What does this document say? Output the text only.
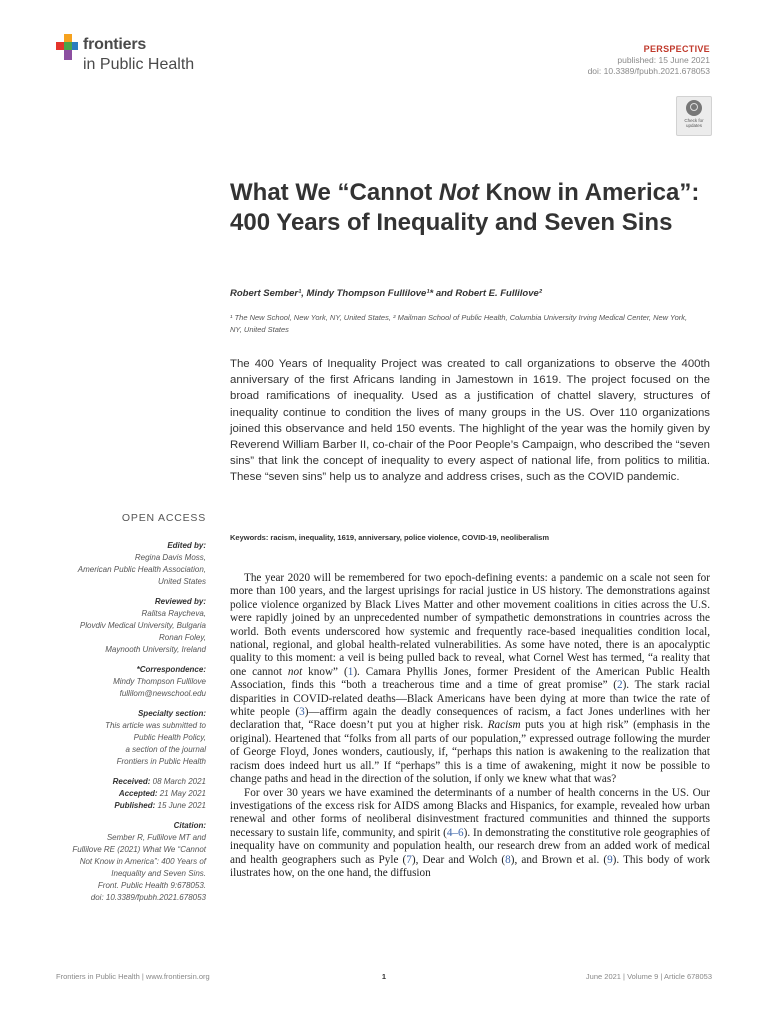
frontiers
in Public Health
PERSPECTIVE
published: 15 June 2021
doi: 10.3389/fpubh.2021.678053
Check for updates
What We “Cannot Not Know in America”: 400 Years of Inequality and Seven Sins
Robert Sember¹, Mindy Thompson Fullilove¹* and Robert E. Fullilove²
¹ The New School, New York, NY, United States, ² Mailman School of Public Health, Columbia University Irving Medical Center, New York, NY, United States
The 400 Years of Inequality Project was created to call organizations to observe the 400th anniversary of the first Africans landing in Jamestown in 1619. The project focused on the broad ramifications of inequality. Used as a justification of chattel slavery, structures of inequality continue to condition the lives of many groups in the US. Over 110 organizations joined this observance and held 150 events. The highlight of the year was the homily given by Reverend William Barber II, co-chair of the Poor People’s Campaign, who described the “seven sins” that link the concept of inequality to every aspect of national life, from politics to militia. These “seven sins” help us to analyze and address crises, such as the COVID pandemic.
Keywords: racism, inequality, 1619, anniversary, police violence, COVID-19, neoliberalism
OPEN ACCESS
Edited by:
Regina Davis Moss,
American Public Health Association,
United States
Reviewed by:
Ralitsa Raycheva,
Plovdiv Medical University, Bulgaria
Ronan Foley,
Maynooth University, Ireland
*Correspondence:
Mindy Thompson Fullilove
fullilom@newschool.edu
Specialty section:
This article was submitted to
Public Health Policy,
a section of the journal
Frontiers in Public Health
Received: 08 March 2021
Accepted: 21 May 2021
Published: 15 June 2021
Citation:
Sember R, Fullilove MT and
Fullilove RE (2021) What We “Cannot
Not Know in America”: 400 Years of
Inequality and Seven Sins.
Front. Public Health 9:678053.
doi: 10.3389/fpubh.2021.678053

The year 2020 will be remembered for two epoch-defining events: a pandemic on a scale not seen for more than 100 years, and the largest uprisings for racial justice in US history. The demonstrations against police violence organized by Black Lives Matter and other movement coalitions in cities across the U.S. were rapidly joined by an unprecedented number of sympathetic demonstrations in countries across the world. Both events underscored how systemic and frequently race-based inequalities condition local, national, regional, and global health-related vulnerabilities. As some have noted, there is an apocalyptic quality to this moment: a veil is being pulled back to reveal, what Cornel West has termed, “a reality that one cannot not know” (1). Camara Phyllis Jones, former President of the American Public Health Association, finds this “both a treacherous time and a time of great promise” (2). The stark racial disparities in COVID-related deaths—Black Americans have been dying at more than twice the rate of white people (3)—affirm again the deadly consequences of racism, a fact Jones underlines with her declaration that, “Race doesn’t put you at higher risk. Racism puts you at high risk” (emphasis in the original). Heartened that “folks from all parts of our population,” expressed outrage following the murder of George Floyd, Jones wonders, cautiously, if, “perhaps this nation is awakening to the realization that racism does indeed hurt us all.” If “perhaps” this is a time of awakening, might it now be possible to change paths and head in the direction of the solution, if only we knew what that was?

For over 30 years we have examined the determinants of a number of health concerns in the US. Our investigations of the excess risk for AIDS among Blacks and Hispanics, for example, revealed how urban renewal and other forms of neoliberal disinvestment fractured communities and thinned the supports necessary to sustain life, community, and spirit (4–6). In demonstrating the constitutive role geographies of inequality have on community and population health, our research drew from an added work of medical and health geographers such as Pyle (7), Dear and Wolch (8), and Brown et al. (9). This body of work ilustrates how, on the one hand, the diffusion

Frontiers in Public Health | www.frontiersin.org	1	June 2021 | Volume 9 | Article 678053
